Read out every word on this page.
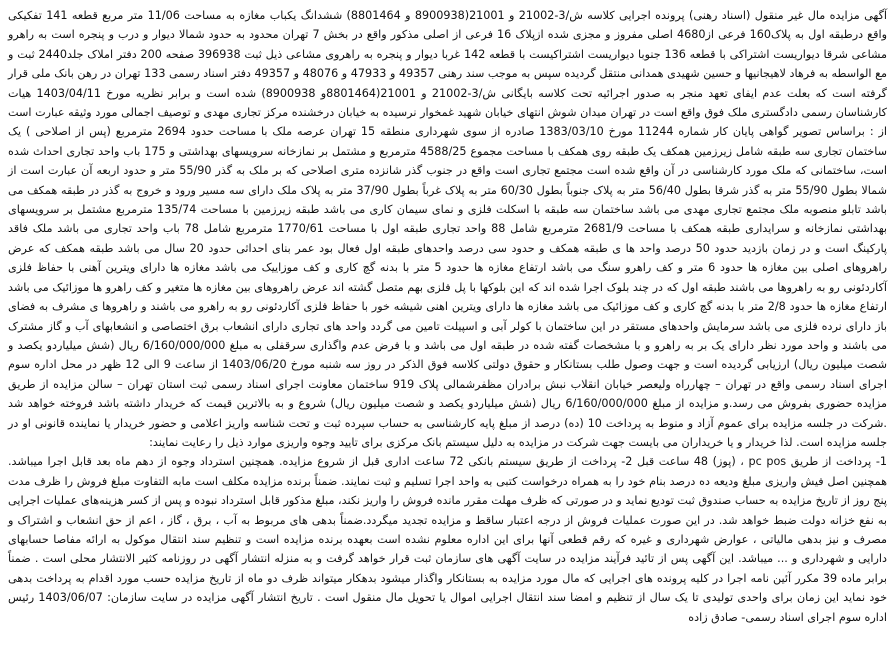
آگهی مزایده مال غیر منقول (اسناد رهنی) پرونده اجرایی کلاسه ش/3-21002 و 21001(8900938 و 8801464) ششدانگ یکباب مغازه به مساحت 11/06 متر مربع قطعه 141 تفکیکی واقع درطبقه اول به پلاک160 فرعی از4680 اصلی مفروز و مجزی شده ازپلاک 16 فرعی از اصلی مذکور واقع در بخش 7 تهران محدود به حدود شمالا دیوار و درب و پنجره است به راهرو مشاعی شرقا دیواریست اشتراکی با قطعه 136 جنوبا دیواریست اشتراکیست با قطعه 142 غربا دیوار و پنجره به راهروی مشاعی ذیل ثبت 396938 صفحه 200 دفتر املاک جلد2440 ثبت و مع الواسطه به فرهاد لاهیجانیها و حسین شهیدی همدانی منتقل گردیده سپس به موجب سند رهنی 49357 و 47933 و 48076 و 49357 دفتر اسناد رسمی 133 تهران در رهن بانک ملی قرار گرفته است که بعلت عدم ایفای تعهد منجر به صدور اجرائیه تحت کلاسه بایگانی ش/3-21002 و 21001(8801464و 8900938) شده است و برابر نظریه مورخ 1403/04/11 هیات کارشناسان رسمی دادگستری ملک فوق واقع است در تهران میدان شوش انتهای خیابان شهید غمخوار نرسیده به خیابان درخشنده مرکز تجاری مهدی و توصیف اجمالی مورد وثیقه عبارت است از : براساس تصویر گواهی پایان کار شماره 11244 مورخ 1383/03/10 صادره از سوی شهرداری منطقه 15 تهران عرصه ملک با مساحت حدود 2694 مترمربع (پس از اصلاحی ) یک ساختمان تجاری سه طبقه شامل زیرزمین همکف یک طبقه روی همکف با مساحت مجموع 4588/25 مترمربع و مشتمل بر نمازخانه سرویسهای بهداشتی و 175 باب واحد تجاری احداث شده است، ساختمانی که ملک مورد کارشناسی در آن واقع شده است مجتمع تجاری است واقع در جنوب گذر شانزده متری اصلاحی که بر ملک به گذر 55/90 متر و حدود اربعه آن عبارت است از شمالا بطول 55/90 متر به گذر شرقا بطول 56/40 متر به پلاک جنوباً بطول 60/30 متر به پلاک غرباً بطول 37/90 متر به پلاک ملک دارای سه مسیر ورود و خروج به گذر در طبقه همکف می باشد تابلو منصوبه ملک مجتمع تجاری مهدی می باشد ساختمان سه طبقه با اسکلت فلزی و نمای سیمان کاری می باشد طبقه زیرزمین با مساحت 135/74 مترمربع مشتمل بر سرویسهای بهداشتی نمازخانه و سرایداری طبقه همکف با مساحت 2681/9 مترمربع شامل 88 واحد تجاری طبقه اول با مساحت 1770/61 مترمربع شامل 78 باب واحد تجاری می باشد ملک فاقد پارکینگ است و در زمان بازدید حدود 50 درصد واحد ها ی طبقه همکف و حدود سی درصد واحدهای طبقه اول فعال بود عمر بنای احداثی حدود 20 سال می باشد طبقه همکف که عرض راهروهای اصلی بین مغازه ها حدود 6 متر و کف راهرو سنگ می باشد ارتفاع مغازه ها حدود 5 متر با بدنه گچ کاری و کف موزاییک می باشد مغازه ها دارای ویترین آهنی با حفاظ فلزی آکاردئونی رو به راهروها می باشند طبقه اول که در چند بلوک اجرا شده اند که این بلوکها با پل فلزی بهم متصل گشته اند عرض راهروهای بین مغازه ها متغیر و کف راهرو ها موزائیک می باشد ارتفاع مغازه ها حدود 2/8 متر با بدنه گچ کاری و کف موزائیک می باشد مغازه ها دارای ویترین اهنی شیشه خور با حفاظ فلزی آکاردئونی رو به راهرو می باشند و راهروها ی مشرف به فضای باز دارای نرده فلزی می باشد سرمایش واحدهای مستقر در این ساختمان با کولر آبی و اسپیلت تامین می گردد واحد های تجاری دارای انشعاب برق اختصاصی و انشعابهای آب و گاز مشترک می باشند و واحد مورد نظر دارای یک بر به راهرو و با مشخصات گفته شده در طبقه اول می باشد و با فرض عدم واگذاری سرقفلی به مبلغ 6/160/000/000 ریال (شش میلیاردو یکصد و شصت میلیون ریال) ارزیابی گردیده است و جهت وصول طلب بستانکار و حقوق دولتی کلاسه فوق الذکر در روز سه شنبه مورخ 1403/06/20 از ساعت 9 الی 12 ظهر در محل اداره سوم اجرای اسناد رسمی واقع در تهران – چهارراه ولیعصر خیابان انقلاب نبش برادران مظفرشمالی پلاک 919 ساختمان معاونت اجرای اسناد رسمی ثبت استان تهران – سالن مزایده از طریق مزایده حضوری بفروش می رسد.و مزایده از مبلغ 6/160/000/000 ریال (شش میلیاردو یکصد و شصت میلیون ریال) شروع و به بالاترین قیمت که خریدار داشته باشد فروخته خواهد شد .شرکت در جلسه مزایده برای عموم آزاد و منوط به پرداخت 10 (ده) درصد از مبلغ پایه کارشناسی به حساب سپرده ثبت و تحت شناسه واریز اعلامی و حضور خریدار یا نماینده قانونی او در جلسه مزایده است. لذا خریدار و یا خریداران می بایست جهت شرکت در مزایده به دلیل سیستم بانک مرکزی برای تایید وجوه واریزی موارد ذیل را رعایت نمایند:

1- پرداخت از طریق pc pos ، (پوز) 48 ساعت قبل 2- پرداخت از طریق سیستم بانکی 72 ساعت اداری قبل از شروع مزایده. همچنین استرداد وجوه از دهم ماه بعد قابل اجرا میباشد. همچنین اصل فیش واریزی مبلغ ودیعه ده درصد بنام خود را به همراه درخواست کتبی به واحد اجرا تسلیم و ثبت نمایند. ضمناً برنده مزایده مکلف است مابه التفاوت مبلغ فروش را ظرف مدت پنج روز از تاریخ مزایده به حساب صندوق ثبت تودیع نماید و در صورتی که ظرف مهلت مقرر مانده فروش را واریز نکند، مبلغ مذکور قابل استرداد نبوده و پس از کسر هزینه‌های عملیات اجرایی به نفع خزانه دولت ضبط خواهد شد. در این صورت عملیات فروش از درجه اعتبار ساقط و مزایده تجدید میگردد.ضمناً بدهی های مربوط به آب ، برق ، گاز ، اعم از حق انشعاب و اشتراک و مصرف و نیز بدهی مالیاتی ، عوارض شهرداری و غیره که رقم قطعی آنها برای این اداره معلوم نشده است بعهده برنده مزایده است و تنظیم سند انتقال موکول به ارائه مفاصا حسابهای دارایی و شهرداری و ... میباشد. این آگهی پس از تائید فرآیند مزایده در سایت آگهی های سازمان ثبت قرار خواهد گرفت و به منزله انتشار آگهی در روزنامه کثیر الانتشار محلی است . ضمناً برابر ماده 39 مکرر آئین نامه اجرا در کلیه پرونده های اجرایی که مال مورد مزایده به بستانکار واگذار میشود بدهکار میتواند ظرف دو ماه از تاریخ مزایده حسب مورد اقدام به پرداخت بدهی خود نماید این زمان برای واحدی تولیدی تا یک سال از تنظیم و امضا سند انتقال اجرایی اموال یا تحویل مال منقول است . تاریخ انتشار آگهی مزایده در سایت سازمان: 1403/06/07 رئیس اداره سوم اجرای اسناد رسمی- صادق زاده
